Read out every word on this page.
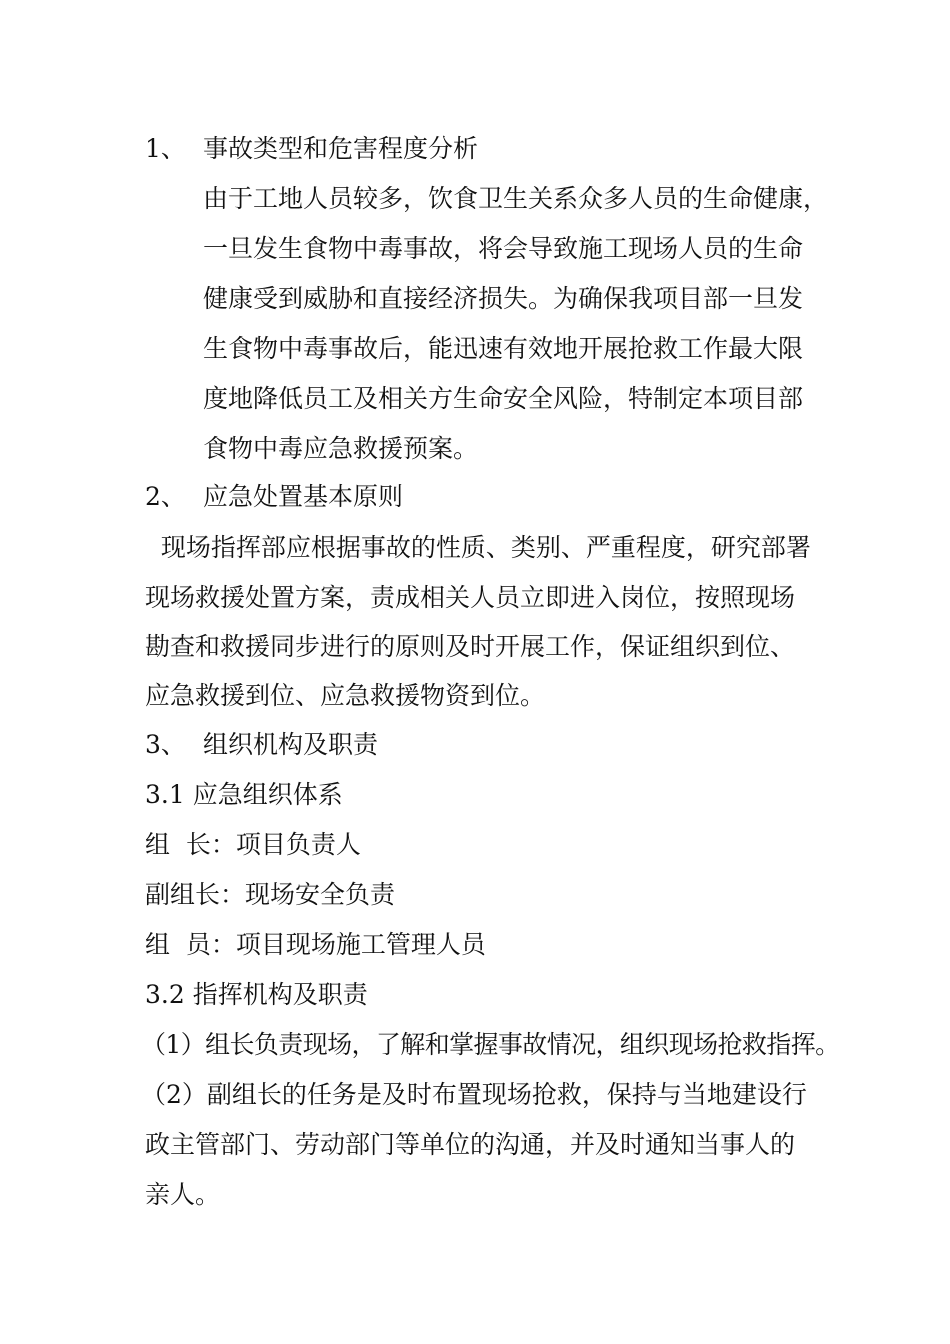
1、 事故类型和危害程度分析
由于工地人员较多，饮食卫生关系众多人员的生命健康，
一旦发生食物中毒事故，将会导致施工现场人员的生命
健康受到威胁和直接经济损失。为确保我项目部一旦发
生食物中毒事故后，能迅速有效地开展抢救工作最大限
度地降低员工及相关方生命安全风险，特制定本项目部
食物中毒应急救援预案。
2、 应急处置基本原则
现场指挥部应根据事故的性质、类别、严重程度，研究部署
现场救援处置方案，责成相关人员立即进入岗位，按照现场
勘查和救援同步进行的原则及时开展工作，保证组织到位、
应急救援到位、应急救援物资到位。
3、 组织机构及职责
3.1 应急组织体系
组  长：项目负责人
副组长：现场安全负责
组  员：项目现场施工管理人员
3.2 指挥机构及职责
（1）组长负责现场，了解和掌握事故情况，组织现场抢救指挥。
（2）副组长的任务是及时布置现场抢救，保持与当地建设行
政主管部门、劳动部门等单位的沟通，并及时通知当事人的
亲人。
